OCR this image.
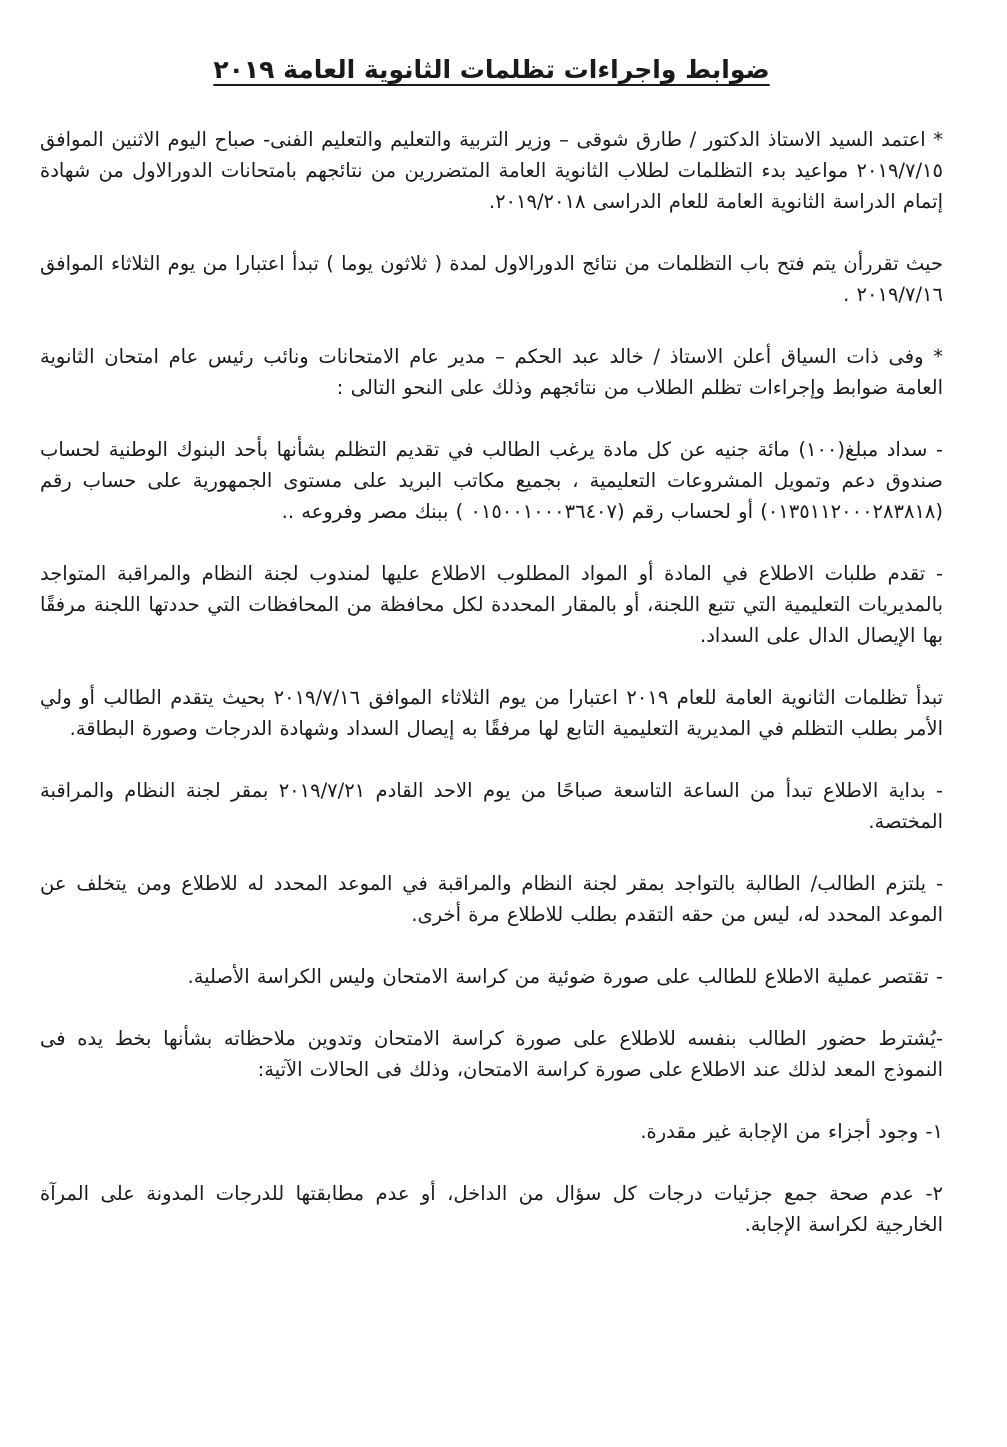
ضوابط واجراءات تظلمات الثانوية العامة ٢٠١٩

* اعتمد السيد الاستاذ الدكتور / طارق شوقى – وزير التربية والتعليم والتعليم الفنى- صباح اليوم الاثنين الموافق ٢٠١٩/٧/١٥ مواعيد بدء التظلمات لطلاب الثانوية العامة المتضررين من نتائجهم بامتحانات الدورالاول من شهادة إتمام الدراسة الثانوية العامة للعام الدراسى ٢٠١٩/٢٠١٨.

حيث تقررأن يتم فتح باب التظلمات من نتائج الدورالاول لمدة ( ثلاثون يوما ) تبدأ اعتبارا من يوم الثلاثاء الموافق ٢٠١٩/٧/١٦ .

* وفى ذات السياق أعلن الاستاذ / خالد عبد الحكم – مدير عام الامتحانات ونائب رئيس عام امتحان الثانوية العامة ضوابط وإجراءات تظلم الطلاب من نتائجهم وذلك على النحو التالى :

- سداد مبلغ(١٠٠) مائة جنيه عن كل مادة يرغب الطالب في تقديم التظلم بشأنها بأحد البنوك الوطنية لحساب صندوق دعم وتمويل المشروعات التعليمية ، بجميع مكاتب البريد على مستوى الجمهورية على حساب رقم (٠١٣٥١١٢٠٠٠٢٨٣٨١٨) أو لحساب رقم (٠١٥٠٠١٠٠٠٣٦٤٠٧ ) ببنك مصر وفروعه ..

- تقدم طلبات الاطلاع في المادة أو المواد المطلوب الاطلاع عليها لمندوب لجنة النظام والمراقبة المتواجد بالمديريات التعليمية التي تتبع اللجنة، أو بالمقار المحددة لكل محافظة من المحافظات التي حددتها اللجنة مرفقًا بها الإيصال الدال على السداد.

تبدأ تظلمات الثانوية العامة للعام ٢٠١٩ اعتبارا من يوم الثلاثاء الموافق ٢٠١٩/٧/١٦ بحيث يتقدم الطالب أو ولي الأمر بطلب التظلم في المديرية التعليمية التابع لها مرفقًا به إيصال السداد وشهادة الدرجات وصورة البطاقة.

- بداية الاطلاع تبدأ من الساعة التاسعة صباحًا من يوم الاحد القادم ٢٠١٩/٧/٢١ بمقر لجنة النظام والمراقبة المختصة.

- يلتزم الطالب/ الطالبة بالتواجد بمقر لجنة النظام والمراقبة في الموعد المحدد له للاطلاع ومن يتخلف عن الموعد المحدد له، ليس من حقه التقدم بطلب للاطلاع مرة أخرى.

- تقتصر عملية الاطلاع للطالب على صورة ضوئية من كراسة الامتحان وليس الكراسة الأصلية.

-يُشترط حضور الطالب بنفسه للاطلاع على صورة كراسة الامتحان وتدوين ملاحظاته بشأنها بخط يده فى النموذج المعد لذلك عند الاطلاع على صورة كراسة الامتحان، وذلك فى الحالات الآتية:

١- وجود أجزاء من الإجابة غير مقدرة.

٢- عدم صحة جمع جزئيات درجات كل سؤال من الداخل، أو عدم مطابقتها للدرجات المدونة على المرآة الخارجية لكراسة الإجابة.
